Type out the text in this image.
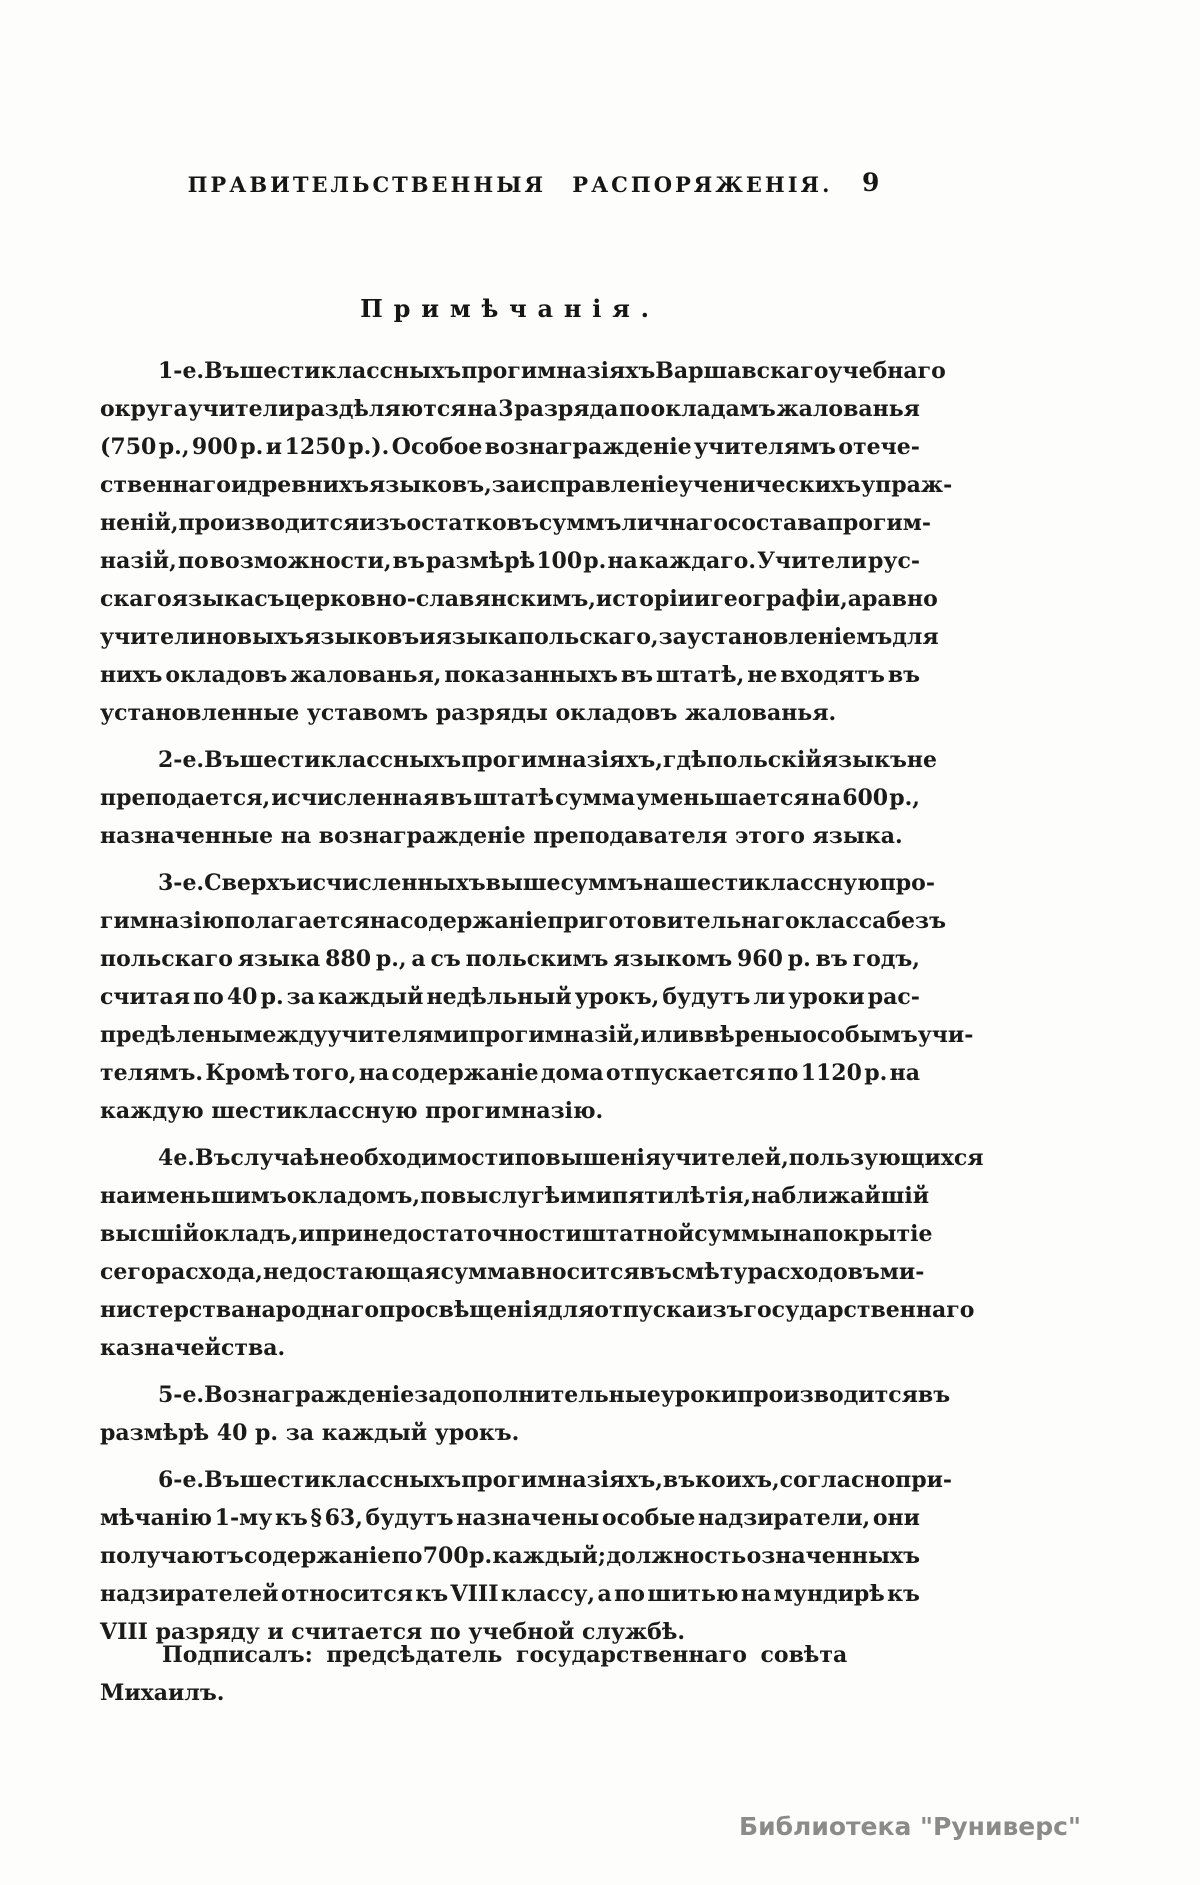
ПРАВИТЕЛЬСТВЕННЫЯ РАСПОРЯЖЕНІЯ.	9
Примѣчанія.
1-е. Въ шестиклассныхъ прогимназіяхъ Варшавскаго учебнаго
округа учители раздѣляются на 3 разряда по окладамъ жалованья
(750 р., 900 р. и 1250 р.). Особое вознагражденіе учителямъ отече-
ственнаго и древнихъ языковъ, за исправленіе ученическихъ упраж-
неній, производится изъ остатковъ суммъ личнаго состава прогим-
назій, по возможности, въ размѣрѣ 100 р. на каждаго. Учители рус-
скаго языка съ церковно-славянскимъ, исторіи и географіи, а равно
учители новыхъ языковъ и языка польскаго, за установленіемъ для
нихъ окладовъ жалованья, показанныхъ въ штатѣ, не входятъ въ
установленные уставомъ разряды окладовъ жалованья.
2-е. Въ шестиклассныхъ прогимназіяхъ, гдѣ польскій языкъ не
преподается, исчисленная въ штатѣ сумма уменьшается на 600 р.,
назначенные на вознагражденіе преподавателя этого языка.
3-е. Сверхъ исчисленныхъ выше суммъ на шестиклассную про-
гимназію полагается на содержаніе приготовительнаго класса безъ
польскаго языка 880 р., а съ польскимъ языкомъ 960 р. въ годъ,
считая по 40 р. за каждый недѣльный урокъ, будутъ ли уроки рас-
предѣлены между учителями прогимназій, или ввѣрены особымъ учи-
телямъ. Кромѣ того, на содержаніе дома отпускается по 1120 р. на
каждую шестиклассную прогимназію.
4 е. Въ случаѣ необходимости повышенія учителей, пользующихся
наименьшимъ окладомъ, по выслугѣ ими пятилѣтія, на ближайшій
высшій окладъ, и при недостаточности штатной суммы на покрытіе
сего расхода, недостающая сумма вносится въ смѣту расходовъ ми-
нистерства народнаго просвѣщенія для отпуска изъ государственнаго
казначейства.
5-е. Вознагражденіе за дополнительные уроки производится въ
размѣрѣ 40 р. за каждый урокъ.
6-е. Въ шестиклассныхъ прогимназіяхъ, въ коихъ, согласно при-
мѣчанію 1-му къ § 63, будутъ назначены особые надзиратели, они
получаютъ содержаніе по 700 р. каждый; должность означенныхъ
надзирателей относится къ VIII классу, а по шитью на мундирѣ къ
VIII разряду и считается по учебной службѣ.
Подписалъ: предсѣдатель государственнаго совѣта Михаилъ.
Библиотека "Руниверс"
